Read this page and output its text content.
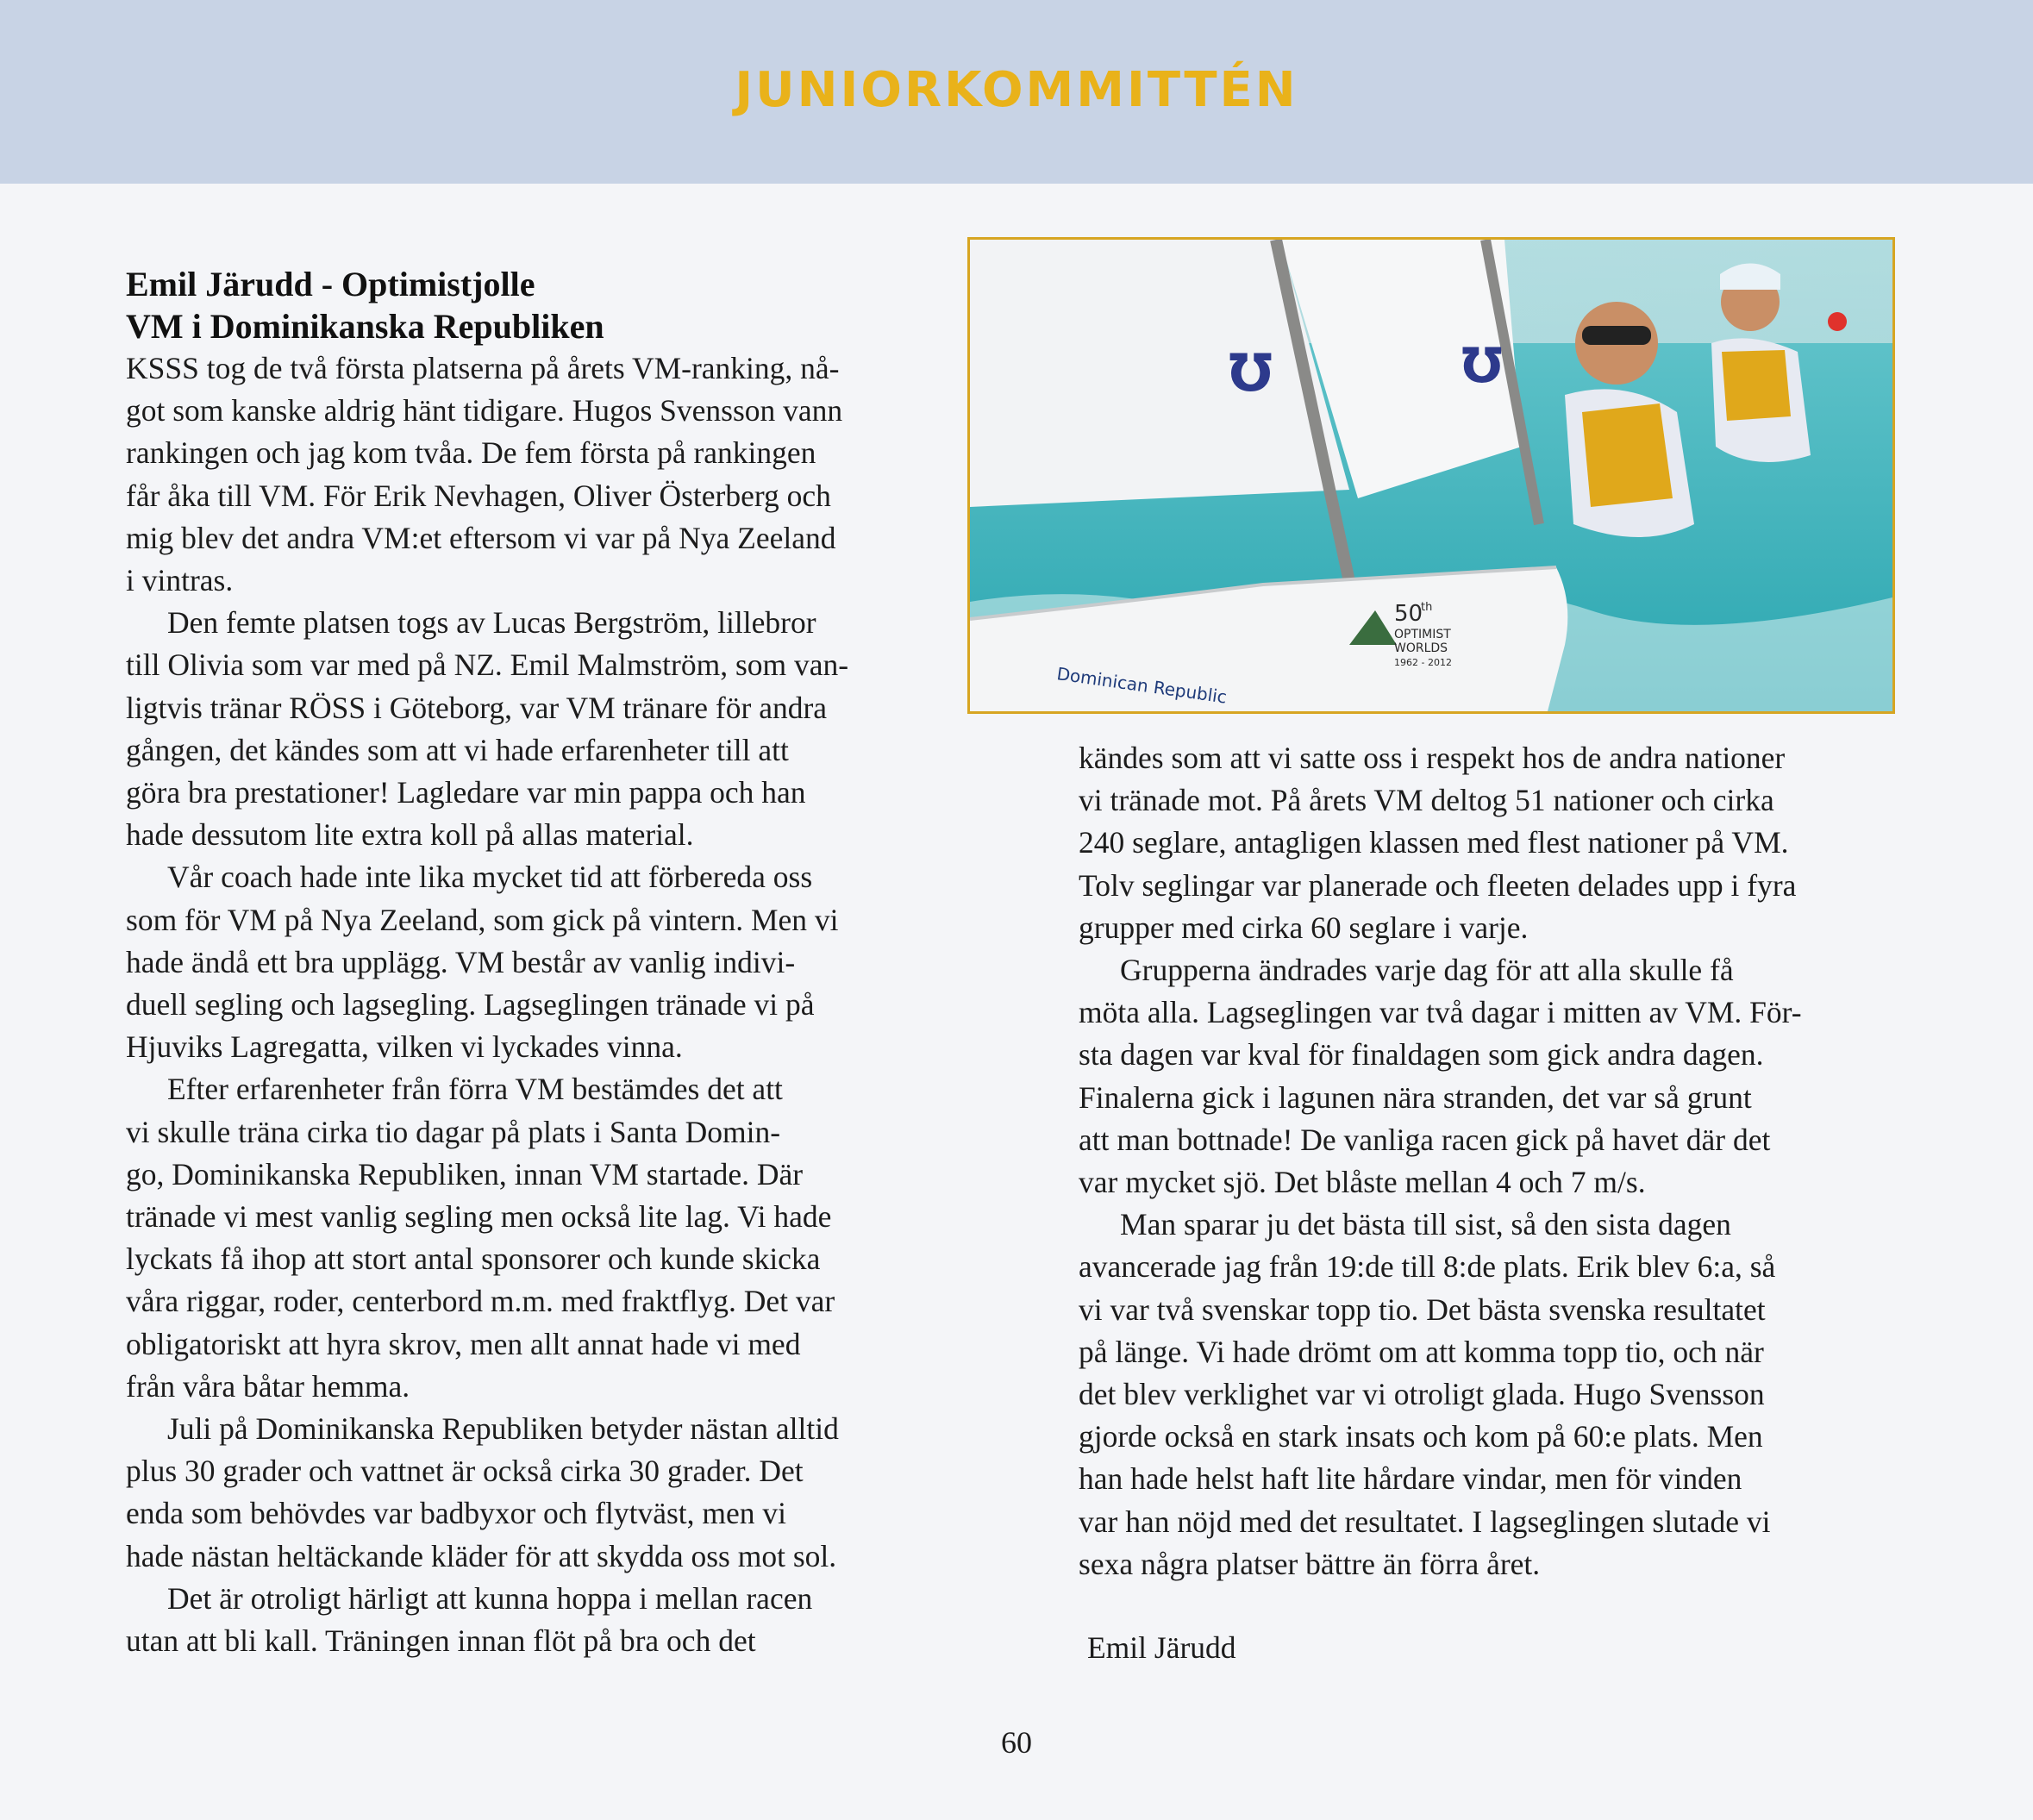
JUNIORKOMMITTÉN
Emil Järudd - Optimistjolle
VM i Dominikanska Republiken

KSSS tog de två första platserna på årets VM-ranking, nå-
got som kanske aldrig hänt tidigare. Hugos Svensson vann
rankingen och jag kom tvåa. De fem första på rankingen
får åka till VM. För Erik Nevhagen, Oliver Österberg och
mig blev det andra VM:et eftersom vi var på Nya Zeeland
i vintras.

Den femte platsen togs av Lucas Bergström, lillebror
till Olivia som var med på NZ. Emil Malmström, som van-
ligtvis tränar RÖSS i Göteborg, var VM tränare för andra
gången, det kändes som att vi hade erfarenheter till att
göra bra prestationer! Lagledare var min pappa och han
hade dessutom lite extra koll på allas material.

Vår coach hade inte lika mycket tid att förbereda oss
som för VM på Nya Zeeland, som gick på vintern. Men vi
hade ändå ett bra upplägg. VM består av vanlig indivi-
duell segling och lagsegling. Lagseglingen tränade vi på
Hjuviks Lagregatta, vilken vi lyckades vinna.

Efter erfarenheter från förra VM bestämdes det att
vi skulle träna cirka tio dagar på plats i Santa Domin-
go, Dominikanska Republiken, innan VM startade. Där
tränade vi mest vanlig segling men också lite lag. Vi hade
lyckats få ihop att stort antal sponsorer och kunde skicka
våra riggar, roder, centerbord m.m. med fraktflyg. Det var
obligatoriskt att hyra skrov, men allt annat hade vi med
från våra båtar hemma.

Juli på Dominikanska Republiken betyder nästan alltid
plus 30 grader och vattnet är också cirka 30 grader. Det
enda som behövdes var badbyxor och flytväst, men vi
hade nästan heltäckande kläder för att skydda oss mot sol.

Det är otroligt härligt att kunna hoppa i mellan racen
utan att bli kall. Träningen innan flöt på bra och det

Ʊ	Ʊ
50
th
OPTIMIST
WORLDS
1962 - 2012
Dominican Republic

kändes som att vi satte oss i respekt hos de andra nationer
vi tränade mot. På årets VM deltog 51 nationer och cirka
240 seglare, antagligen klassen med flest nationer på VM.
Tolv seglingar var planerade och fleeten delades upp i fyra
grupper med cirka 60 seglare i varje.

Grupperna ändrades varje dag för att alla skulle få
möta alla. Lagseglingen var två dagar i mitten av VM. För-
sta dagen var kval för finaldagen som gick andra dagen.
Finalerna gick i lagunen nära stranden, det var så grunt
att man bottnade! De vanliga racen gick på havet där det
var mycket sjö. Det blåste mellan 4 och 7 m/s.

Man sparar ju det bästa till sist, så den sista dagen
avancerade jag från 19:de till 8:de plats. Erik blev 6:a, så
vi var två svenskar topp tio. Det bästa svenska resultatet
på länge. Vi hade drömt om att komma topp tio, och när
det blev verklighet var vi otroligt glada. Hugo Svensson
gjorde också en stark insats och kom på 60:e plats. Men
han hade helst haft lite hårdare vindar, men för vinden
var han nöjd med det resultatet. I lagseglingen slutade vi
sexa några platser bättre än förra året.

Emil Järudd

60
